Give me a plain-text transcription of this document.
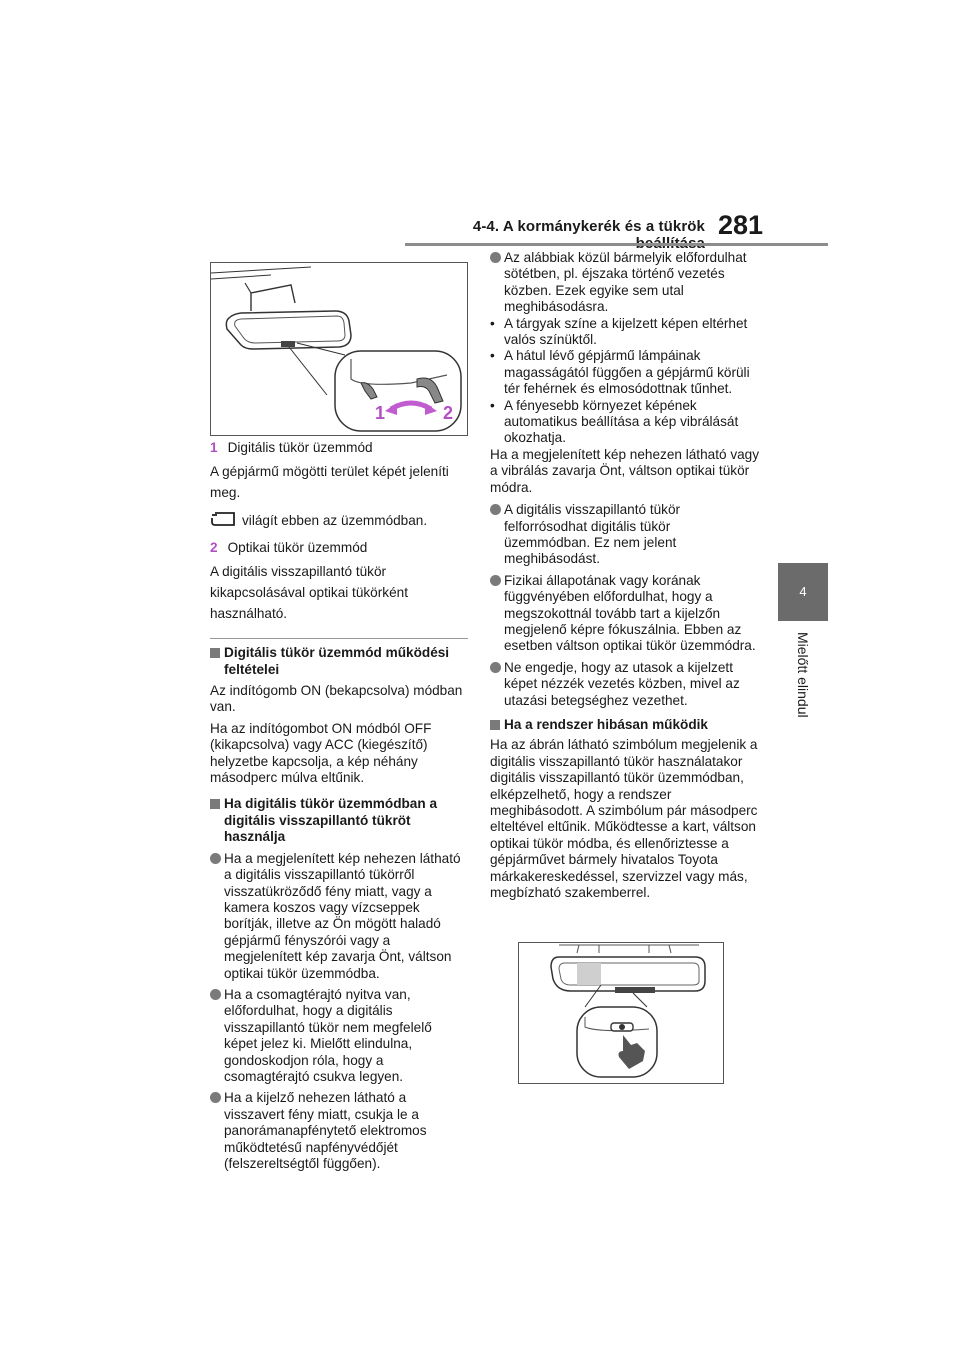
4-4. A kormánykerék és a tükrök 281
4
Mielőtt elindul
1	2

1 Digitális tükör üzemmód

A gépjármű mögötti terület képét jeleníti meg.

világít ebben az üzemmódban.

2 Optikai tükör üzemmód

A digitális visszapillantó tükör kikapcsolásával optikai tükörként használható.

Digitális tükör üzemmód működési feltételei

Az indítógomb ON (bekapcsolva) módban van.

Ha az indítógombot ON módból OFF (kikapcsolva) vagy ACC (kiegészítő) helyzetbe kapcsolja, a kép néhány másodperc múlva eltűnik.

Ha digitális tükör üzemmódban a digitális visszapillantó tükröt használja
Ha a megjelenített kép nehezen látható a digitális visszapillantó tükörről visszatükröződő fény miatt, vagy a kamera koszos vagy vízcseppek borítják, illetve az Ön mögött haladó gépjármű fényszórói vagy a megjelenített kép zavarja Önt, váltson optikai tükör üzemmódba.
Ha a csomagtérajtó nyitva van, előfordulhat, hogy a digitális visszapillantó tükör nem megfelelő képet jelez ki. Mielőtt elindulna, gondoskodjon róla, hogy a csomagtérajtó csukva legyen.
Ha a kijelző nehezen látható a visszavert fény miatt, csukja le a panorámanapfénytető elektromos működtetésű napfényvédőjét (felszereltségtől függően).
Az alábbiak közül bármelyik előfordulhat sötétben, pl. éjszaka történő vezetés közben. Ezek egyike sem utal meghibásodásra.
• A tárgyak színe a kijelzett képen eltérhet valós színüktől.
• A hátul lévő gépjármű lámpáinak magasságától függően a gépjármű körüli tér fehérnek és elmosódottnak tűnhet.
• A fényesebb környezet képének automatikus beállítása a kép vibrálását okozhatja.

Ha a megjelenített kép nehezen látható vagy a vibrálás zavarja Önt, váltson optikai tükör módra.

A digitális visszapillantó tükör felforrósodhat digitális tükör üzemmódban. Ez nem jelent meghibásodást.
Fizikai állapotának vagy korának függvényében előfordulhat, hogy a megszokottnál tovább tart a kijelzőn megjelenő képre fókuszálnia. Ebben az esetben váltson optikai tükör üzemmódra.
Ne engedje, hogy az utasok a kijelzett képet nézzék vezetés közben, mivel az utazási betegséghez vezethet.
Ha a rendszer hibásan működik

Ha az ábrán látható szimbólum megjelenik a digitális visszapillantó tükör használatakor digitális visszapillantó tükör üzemmódban, elképzelhető, hogy a rendszer meghibásodott. A szimbólum pár másodperc elteltével eltűnik. Működtesse a kart, váltson optikai tükör módba, és ellenőriztesse a gépjárművet bármely hivatalos Toyota márkakereskedéssel, szervizzel vagy más, megbízható szakemberrel.
